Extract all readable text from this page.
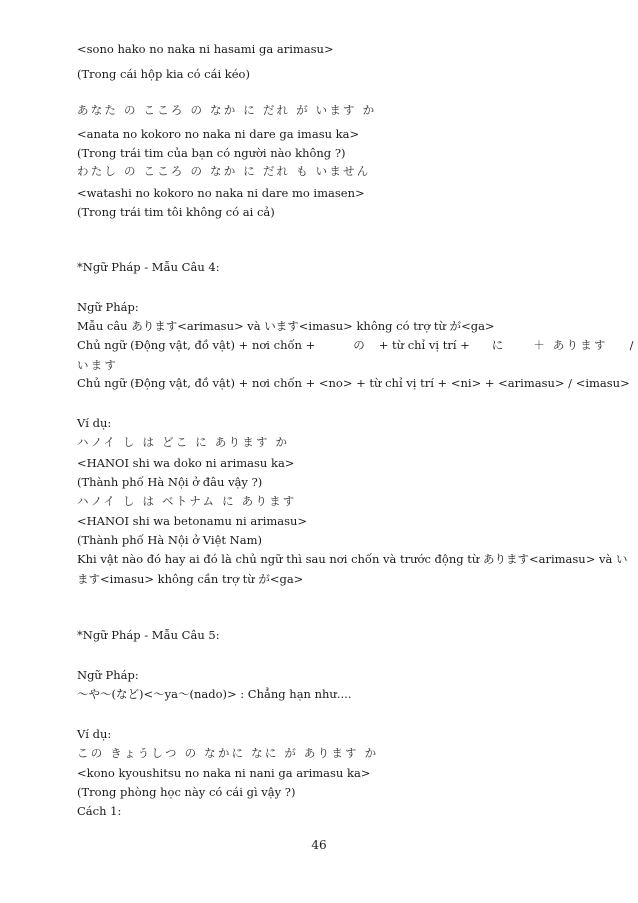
<sono hako no naka ni hasami ga arimasu>
(Trong cái hộp kia có cái kéo)
あなた の こころ の なか に だれ が います か
<anata no kokoro no naka ni dare ga imasu ka>
(Trong trái tim của bạn có người nào không ?)
わたし の こころ の なか に だれ も いません
<watashi no kokoro no naka ni dare mo imasen>
(Trong trái tim tôi không có ai cả)
*Ngữ Pháp - Mẫu Câu 4:
Ngữ Pháp:
Mẫu câu あります<arimasu> và います<imasu> không có trợ từ が<ga>
Chủ ngữ (Động vật, đồ vật) + nơi chốn +	の + từ chỉ vị trí + に	＋ あります /
います
Chủ ngữ (Động vật, đồ vật) + nơi chốn + <no> + từ chỉ vị trí + <ni> + <arimasu> / <imasu>
Ví dụ:
ハノイ し は どこ に あります か
<HANOI shi wa doko ni arimasu ka>
(Thành phố Hà Nội ở đâu vậy ?)
ハノイ し は ベトナム に あります
<HANOI shi wa betonamu ni arimasu>
(Thành phố Hà Nội ở Việt Nam)
Khi vật nào đó hay ai đó là chủ ngữ thì sau nơi chốn và trước động từ あります<arimasu> và い
ます<imasu> không cần trợ từ が<ga>
*Ngữ Pháp - Mẫu Câu 5:
Ngữ Pháp:
～や～(など)<～ya～(nado)> : Chẳng hạn như....
Ví dụ:
この きょうしつ の なかに なに が あります か
<kono kyoushitsu no naka ni nani ga arimasu ka>
(Trong phòng học này có cái gì vậy ?)
Cách 1:
46
